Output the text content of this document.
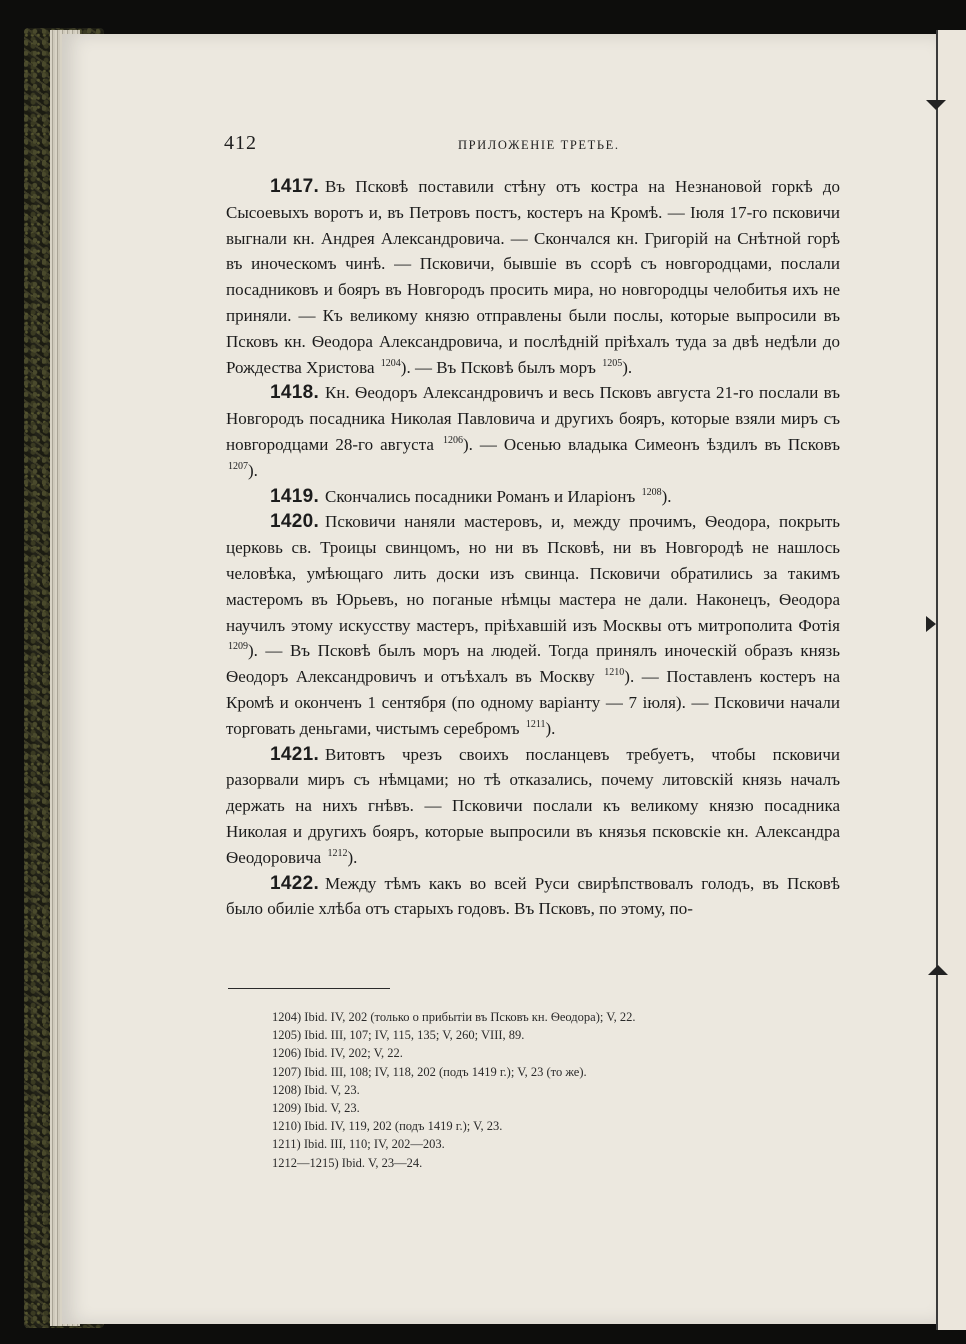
412	ПРИЛОЖЕНІЕ ТРЕТЬЕ.

1417. Въ Псковѣ поставили стѣну отъ костра на Незнановой горкѣ до Сысоевыхъ воротъ и, въ Петровъ постъ, костеръ на Кромѣ. — Іюля 17-го псковичи выгнали кн. Андрея Александровича. — Скончался кн. Григорій на Снѣтной горѣ въ иноческомъ чинѣ. — Псковичи, бывшіе въ ссорѣ съ новгородцами, послали посадниковъ и бояръ въ Новгородъ просить мира, но новгородцы челобитья ихъ не приняли. — Къ великому князю отправлены были послы, которые выпросили въ Псковъ кн. Ѳеодора Александровича, и послѣдній пріѣхалъ туда за двѣ недѣли до Рождества Христова $^{1204}$). — Въ Псковѣ былъ моръ $^{1205}$).

1418. Кн. Ѳеодоръ Александровичъ и весь Псковъ августа 21-го послали въ Новгородъ посадника Николая Павловича и другихъ бояръ, которые взяли миръ съ новгородцами 28-го августа $^{1206}$). — Осенью владыка Симеонъ ѣздилъ въ Псковъ $^{1207}$).

1419. Скончались посадники Романъ и Иларіонъ $^{1208}$).

1420. Псковичи наняли мастеровъ, и, между прочимъ, Ѳеодора, покрыть церковь св. Троицы свинцомъ, но ни въ Псковѣ, ни въ Новгородѣ не нашлось человѣка, умѣющаго лить доски изъ свинца. Псковичи обратились за такимъ мастеромъ въ Юрьевъ, но поганые нѣмцы мастера не дали. Наконецъ, Ѳеодора научилъ этому искусству мастеръ, пріѣхавшій изъ Москвы отъ митрополита Фотія $^{1209}$). — Въ Псковѣ былъ моръ на людей. Тогда принялъ иноческій образъ князь Ѳеодоръ Александровичъ и отъѣхалъ въ Москву $^{1210}$). — Поставленъ костеръ на Кромѣ и оконченъ 1 сентября (по одному варіанту — 7 іюля). — Псковичи начали торговать деньгами, чистымъ серебромъ $^{1211}$).

1421. Витовтъ чрезъ своихъ посланцевъ требуетъ, чтобы псковичи разорвали миръ съ нѣмцами; но тѣ отказались, почему литовскій князь началъ держать на нихъ гнѣвъ. — Псковичи послали къ великому князю посадника Николая и другихъ бояръ, которые выпросили въ князья псковскіе кн. Александра Ѳеодоровича $^{1212}$).

1422. Между тѣмъ какъ во всей Руси свирѣпствовалъ голодъ, въ Псковѣ было обиліе хлѣба отъ старыхъ годовъ. Въ Псковъ, по этому, по-

1204) Ibid. IV, 202 (только о прибытіи въ Псковъ кн. Ѳеодора); V, 22.

1205) Ibid. III, 107; IV, 115, 135; V, 260; VIII, 89.

1206) Ibid. IV, 202; V, 22.

1207) Ibid. III, 108; IV, 118, 202 (подъ 1419 г.); V, 23 (то же).

1208) Ibid. V, 23.

1209) Ibid. V, 23.

1210) Ibid. IV, 119, 202 (подъ 1419 г.); V, 23.

1211) Ibid. III, 110; IV, 202—203.

1212—1215) Ibid. V, 23—24.
